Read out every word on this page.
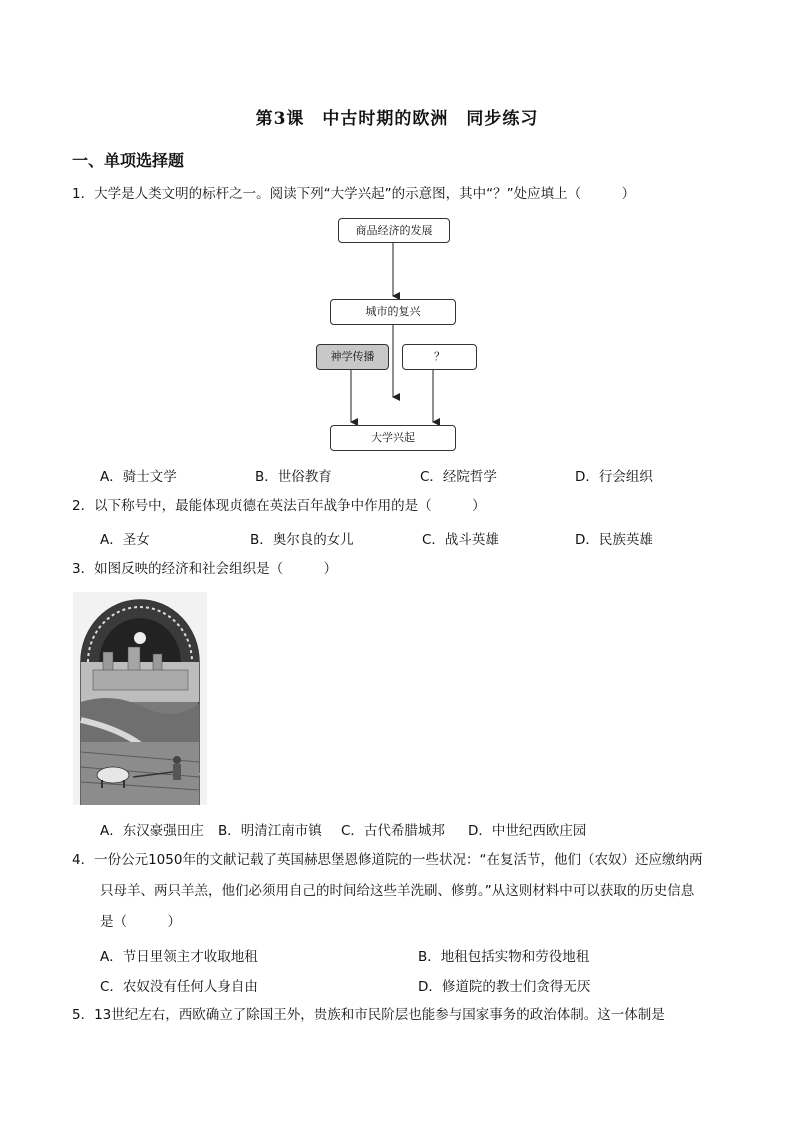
第3课　中古时期的欧洲　同步练习
一、单项选择题
1．大学是人类文明的标杆之一。阅读下列“大学兴起”的示意图，其中“？”处应填上（　　　）
商品经济的发展
城市的复兴
神学传播	？
大学兴起
A．骑士文学	B．世俗教育	C．经院哲学	D．行会组织
2．以下称号中，最能体现贞德在英法百年战争中作用的是（　　　）
A．圣女	B．奥尔良的女儿	C．战斗英雄	D．民族英雄
3．如图反映的经济和社会组织是（　　　）
A．东汉豪强田庄 B．明清江南市镇 C．古代希腊城邦 D．中世纪西欧庄园
4．一份公元1050年的文献记载了英国赫思堡恩修道院的一些状况：“在复活节，他们（农奴）还应缴纳两
只母羊、两只羊羔，他们必须用自己的时间给这些羊洗刷、修剪。”从这则材料中可以获取的历史信息
是（　　　）
A．节日里领主才收取地租	B．地租包括实物和劳役地租
C．农奴没有任何人身自由	D．修道院的教士们贪得无厌
5．13世纪左右，西欧确立了除国王外，贵族和市民阶层也能参与国家事务的政治体制。这一体制是
